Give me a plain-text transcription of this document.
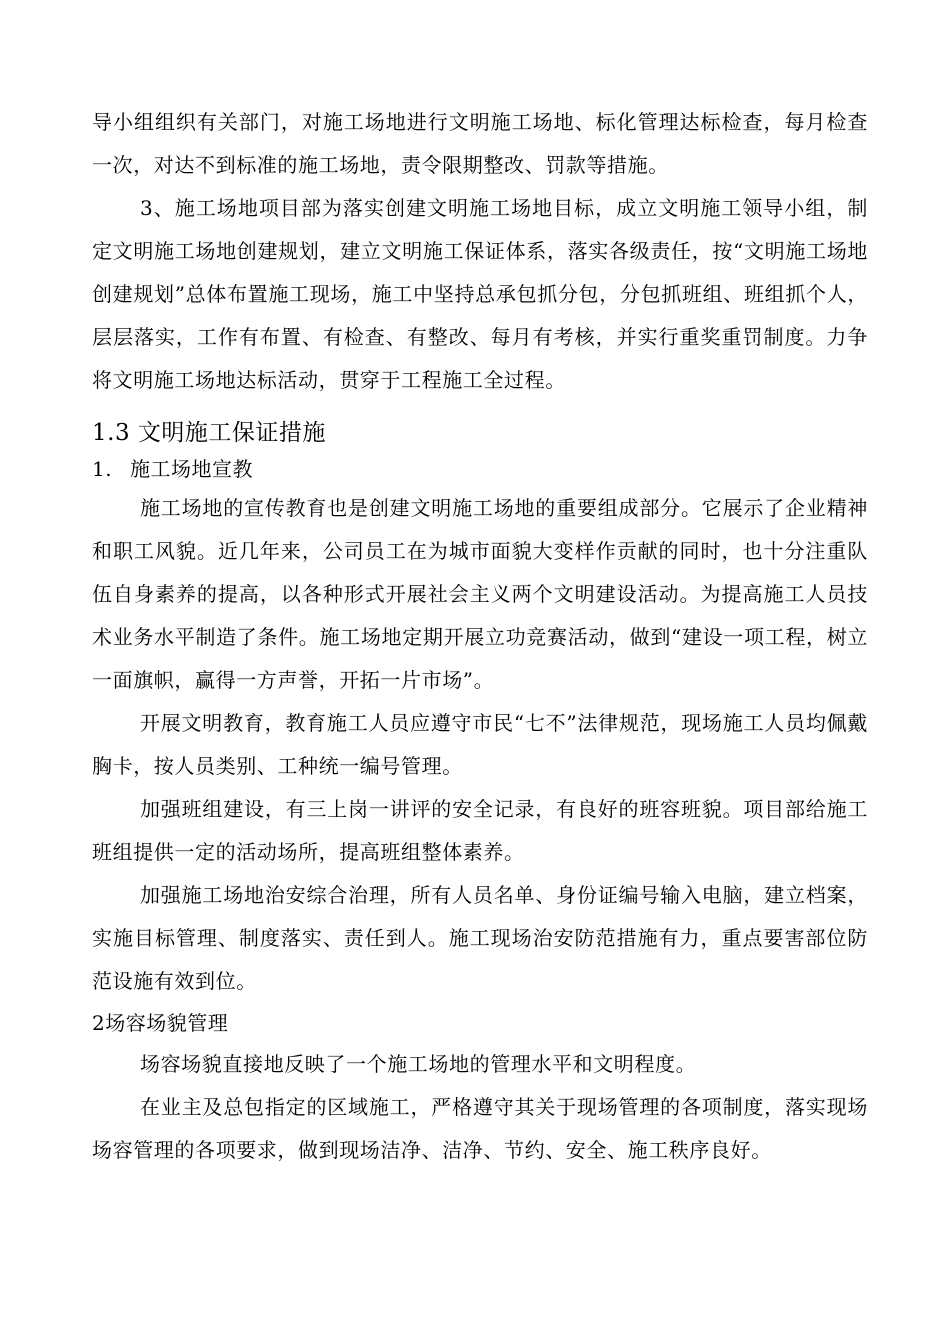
导小组组织有关部门，对施工场地进行文明施工场地、标化管理达标检查，每月检查一次，对达不到标准的施工场地，责令限期整改、罚款等措施。

3、施工场地项目部为落实创建文明施工场地目标，成立文明施工领导小组，制定文明施工场地创建规划，建立文明施工保证体系，落实各级责任，按“文明施工场地创建规划”总体布置施工现场，施工中坚持总承包抓分包，分包抓班组、班组抓个人，层层落实，工作有布置、有检查、有整改、每月有考核，并实行重奖重罚制度。力争将文明施工场地达标活动，贯穿于工程施工全过程。

1.3 文明施工保证措施
1. 施工场地宣教

施工场地的宣传教育也是创建文明施工场地的重要组成部分。它展示了企业精神和职工风貌。近几年来，公司员工在为城市面貌大变样作贡献的同时，也十分注重队伍自身素养的提高，以各种形式开展社会主义两个文明建设活动。为提高施工人员技术业务水平制造了条件。施工场地定期开展立功竞赛活动，做到“建设一项工程，树立一面旗帜，赢得一方声誉，开拓一片市场”。

开展文明教育，教育施工人员应遵守市民“七不”法律规范，现场施工人员均佩戴胸卡，按人员类别、工种统一编号管理。

加强班组建设，有三上岗一讲评的安全记录，有良好的班容班貌。项目部给施工班组提供一定的活动场所，提高班组整体素养。

加强施工场地治安综合治理，所有人员名单、身份证编号输入电脑，建立档案，实施目标管理、制度落实、责任到人。施工现场治安防范措施有力，重点要害部位防范设施有效到位。

2场容场貌管理

场容场貌直接地反映了一个施工场地的管理水平和文明程度。

在业主及总包指定的区域施工，严格遵守其关于现场管理的各项制度，落实现场场容管理的各项要求，做到现场洁净、洁净、节约、安全、施工秩序良好。
